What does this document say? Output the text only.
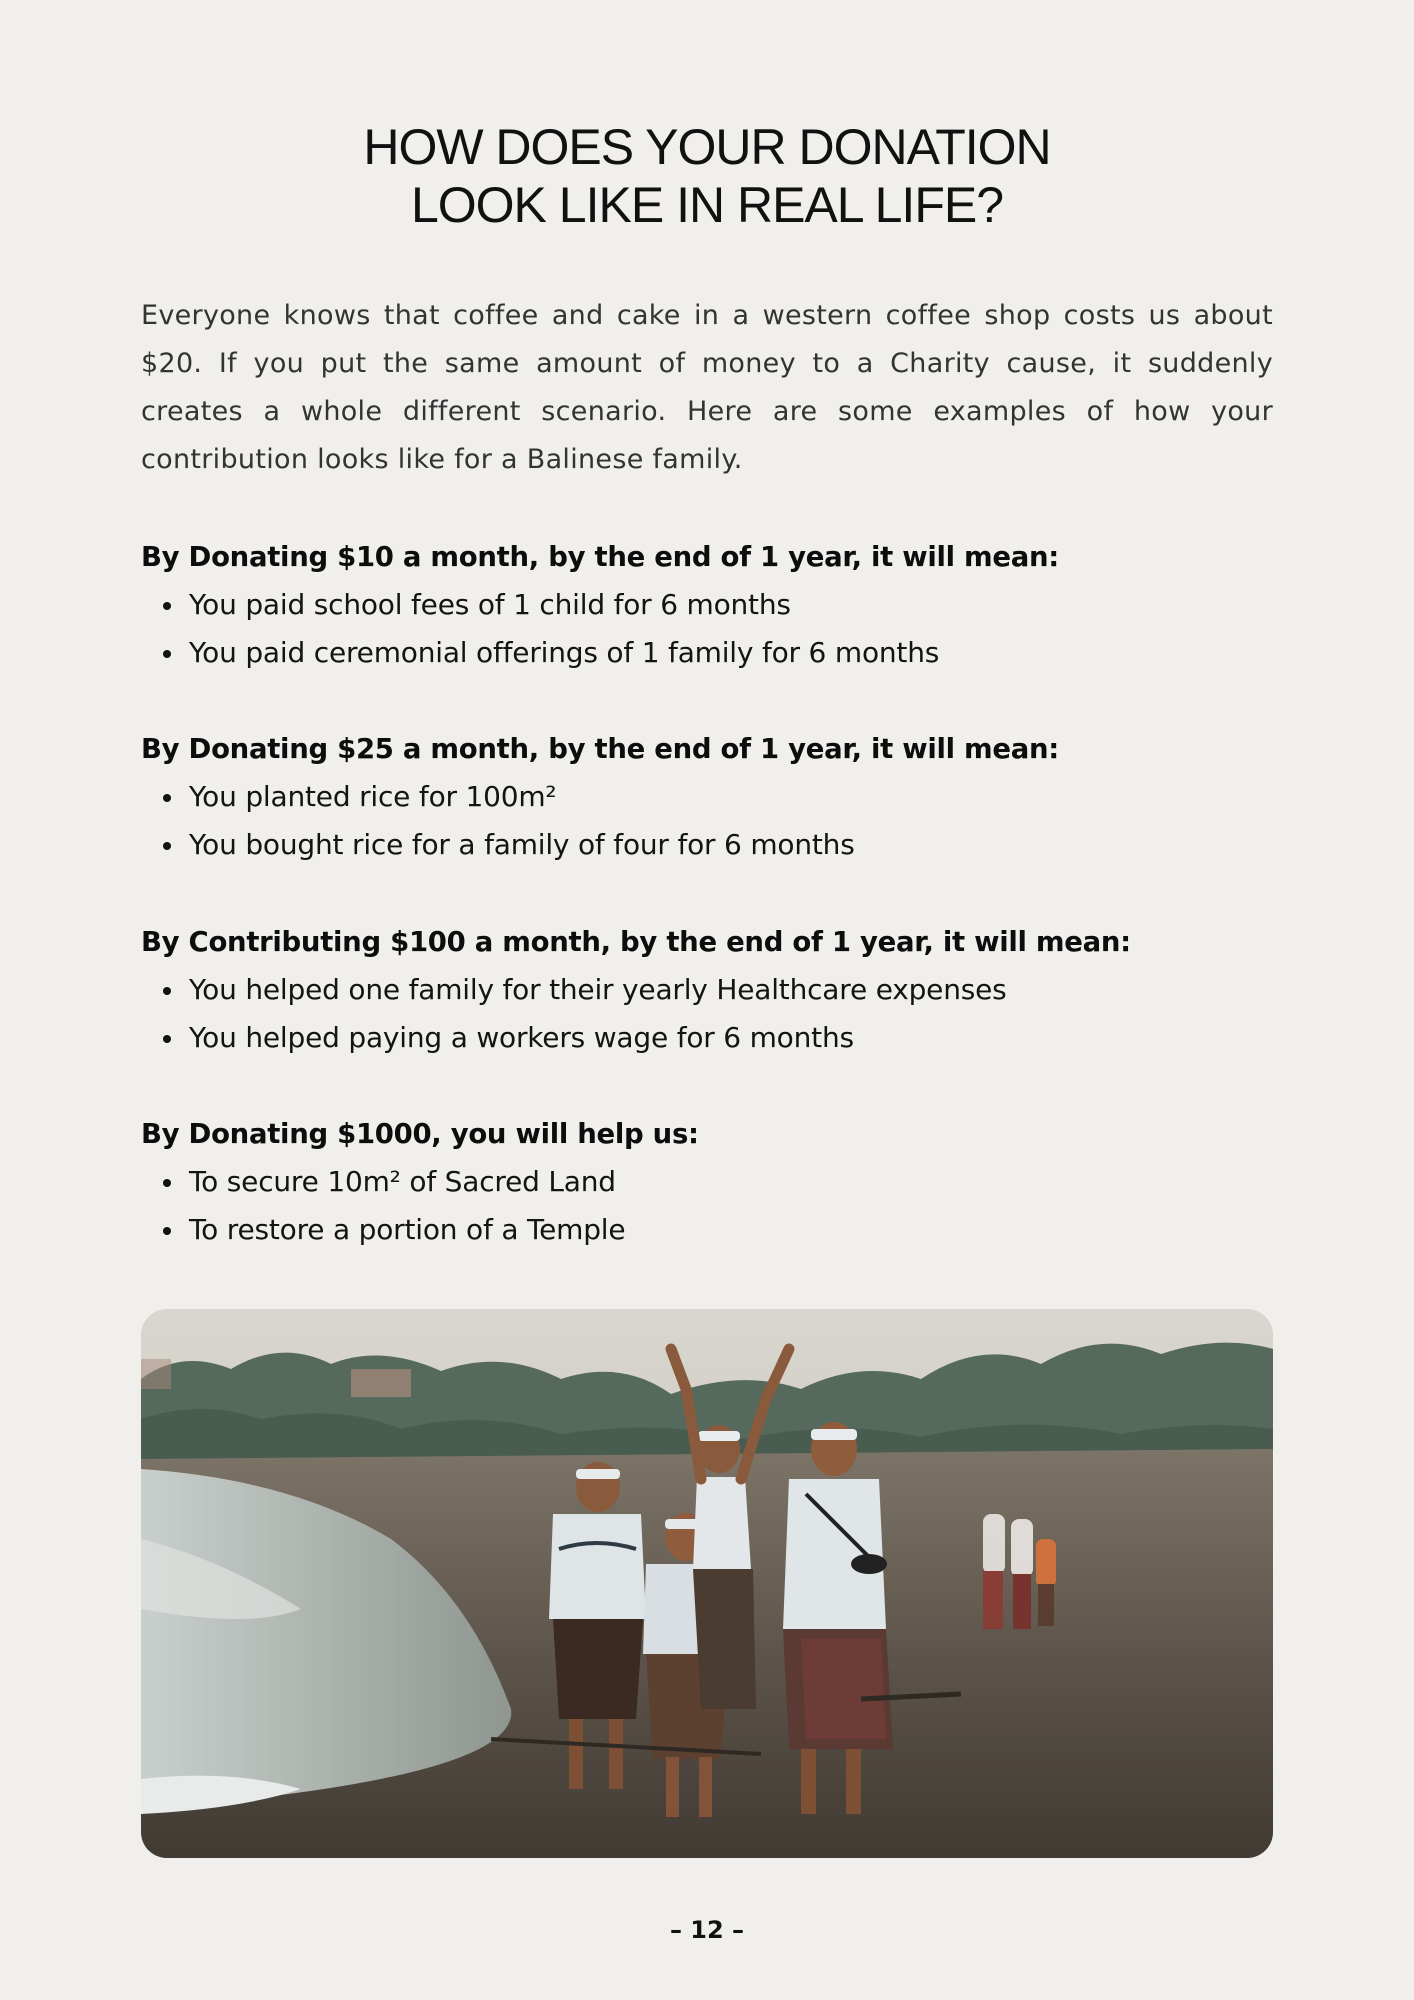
HOW DOES YOUR DONATION
LOOK LIKE IN REAL LIFE?

Everyone knows that coffee and cake in a western coffee shop costs us about $20. If you put the same amount of money to a Charity cause, it suddenly creates a whole different scenario. Here are some examples of how your contribution looks like for a Balinese family.

By Donating $10 a month, by the end of 1 year, it will mean:
You paid school fees of 1 child for 6 months
You paid ceremonial offerings of 1 family for 6 months
By Donating $25 a month, by the end of 1 year, it will mean:
You planted rice for 100m²
You bought rice for a family of four for 6 months
By Contributing $100 a month, by the end of 1 year, it will mean:
You helped one family for their yearly Healthcare expenses
You helped paying a workers wage for 6 months
By Donating $1000, you will help us:
To secure 10m² of Sacred Land
To restore a portion of a Temple
– 12 –
